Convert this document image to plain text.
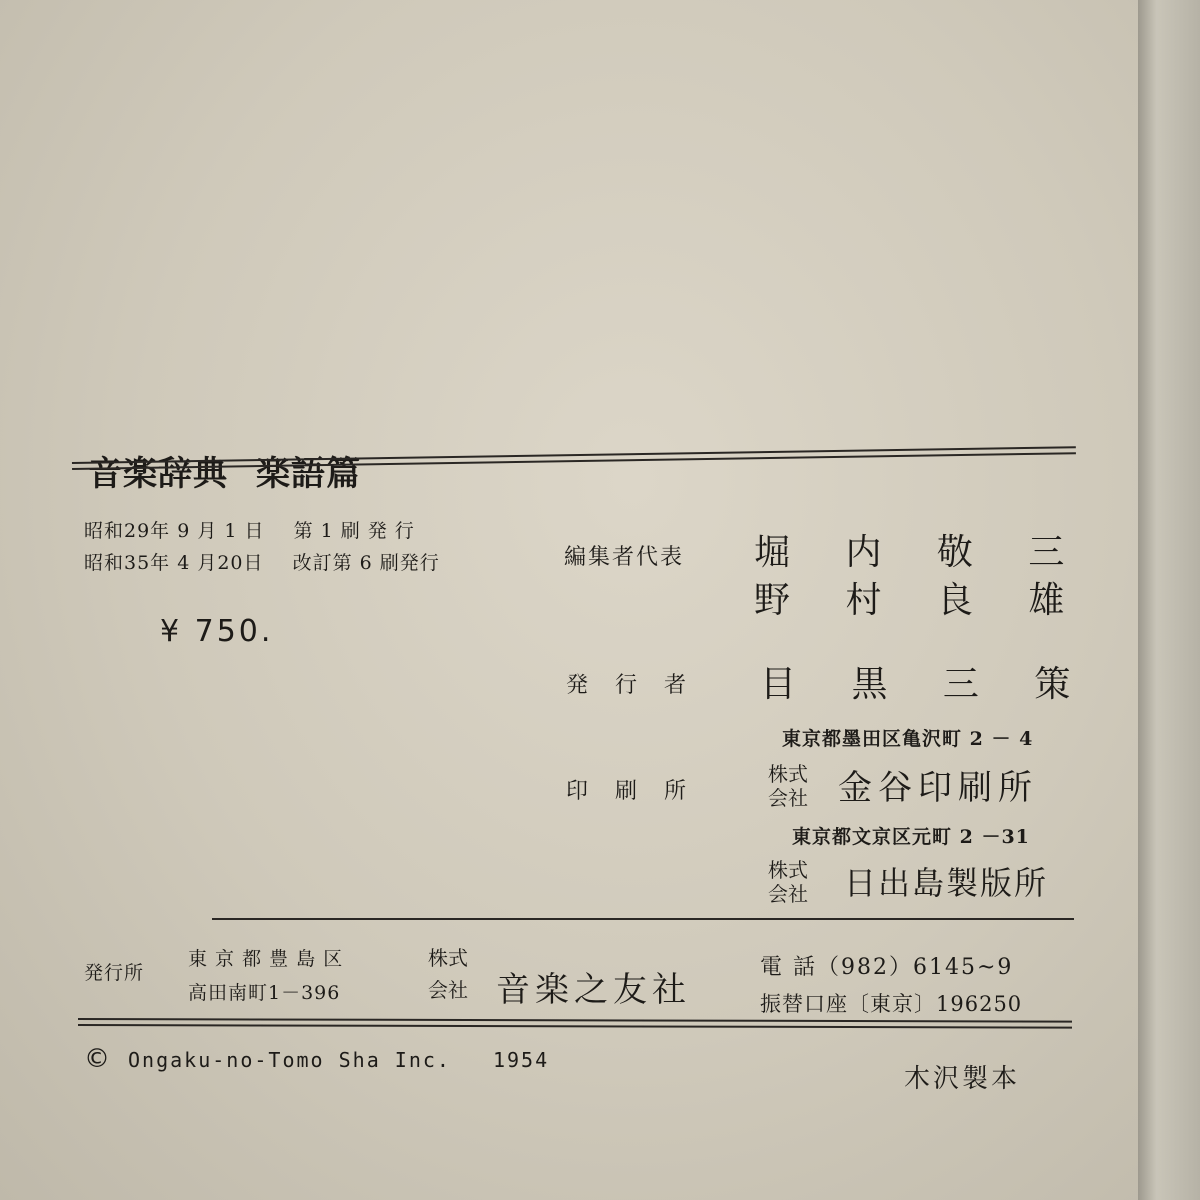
音楽辞典 楽語篇
昭和29年 9 月 1 日 第 1 刷 発 行
昭和35年 4 月20日 改訂第 6 刷発行
¥ 750.
編集者代表 堀 内 敬 三
野 村 良 雄
発 行 者 目 黒 三 策
東京都墨田区亀沢町 2 － 4
印 刷 所
株式
会社 金谷印刷所
東京都文京区元町 2 －31
株式
会社 日出島製版所
発行所
東 京 都 豊 島 区
高田南町1－396
株式
会社 音楽之友社
電 話（982）6145~9
振替口座〔東京〕196250
© Ongaku-no-Tomo Sha Inc. 1954
木沢製本
